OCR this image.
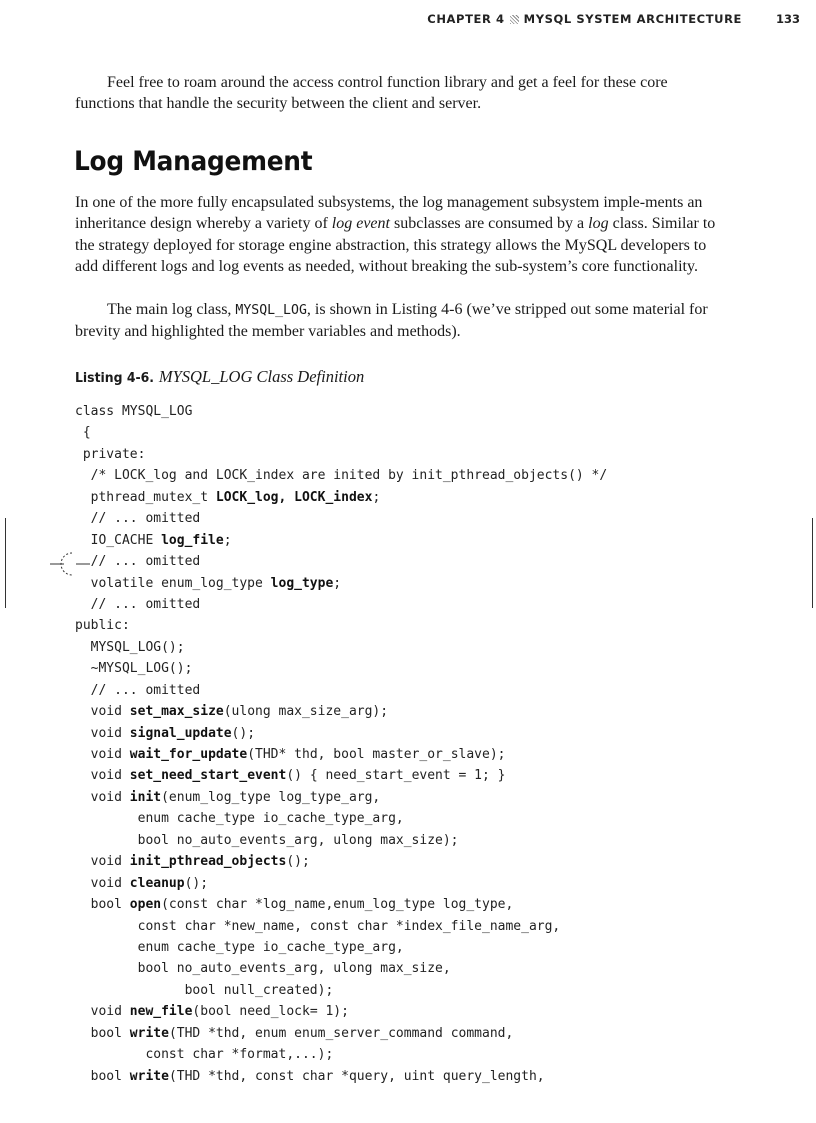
CHAPTER 4 MYSQL SYSTEM ARCHITECTURE	133

Feel free to roam around the access control function library and get a feel for these core functions that handle the security between the client and server.

Log Management

In one of the more fully encapsulated subsystems, the log management subsystem imple-ments an inheritance design whereby a variety of log event subclasses are consumed by a log class. Similar to the strategy deployed for storage engine abstraction, this strategy allows the MySQL developers to add different logs and log events as needed, without breaking the sub-system’s core functionality.

The main log class, MYSQL_LOG, is shown in Listing 4-6 (we’ve stripped out some material for brevity and highlighted the member variables and methods).

Listing 4-6. MYSQL_LOG Class Definition
class MYSQL_LOG
{
private:
/* LOCK_log and LOCK_index are inited by init_pthread_objects() */
pthread_mutex_t LOCK_log, LOCK_index;
// ... omitted
IO_CACHE log_file;
// ... omitted
volatile enum_log_type log_type;
// ... omitted
public:
MYSQL_LOG();
~MYSQL_LOG();
// ... omitted
void set_max_size(ulong max_size_arg);
void signal_update();
void wait_for_update(THD* thd, bool master_or_slave);
void set_need_start_event() { need_start_event = 1; }
void init(enum_log_type log_type_arg,
enum cache_type io_cache_type_arg,
bool no_auto_events_arg, ulong max_size);
void init_pthread_objects();
void cleanup();
bool open(const char *log_name,enum_log_type log_type,
const char *new_name, const char *index_file_name_arg,
enum cache_type io_cache_type_arg,
bool no_auto_events_arg, ulong max_size,
bool null_created);
void new_file(bool need_lock= 1);
bool write(THD *thd, enum enum_server_command command,
const char *format,...);
bool write(THD *thd, const char *query, uint query_length,
